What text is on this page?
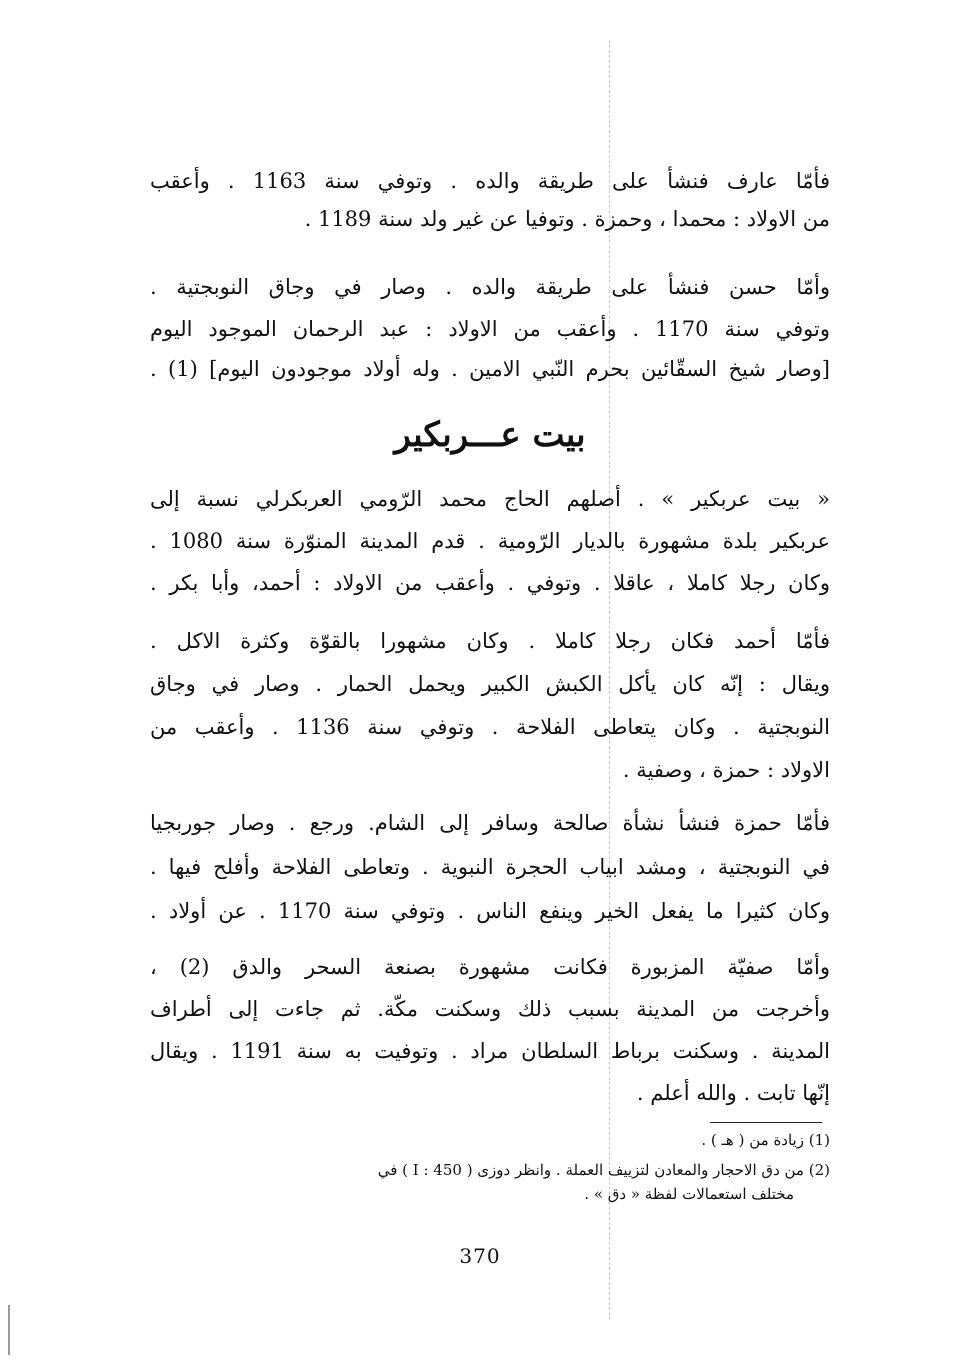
فأمّا عارف فنشأ على طريقة والده . وتوفي سنة 1163 . وأعقب
من الاولاد : محمدا ، وحمزة . وتوفيا عن غير ولد سنة 1189 .
وأمّا حسن فنشأ على طريقة والده . وصار في وجاق النوبجتية .
وتوفي سنة 1170 . وأعقب من الاولاد : عبد الرحمان الموجود اليوم
[وصار شيخ السقّائين بحرم النّبي الامين . وله أولاد موجودون اليوم] (1) .
بيت عـــربكير
« بيت عربكير » . أصلهم الحاج محمد الرّومي العربكرلي نسبة إلى
عربكير بلدة مشهورة بالديار الرّومية . قدم المدينة المنوّرة سنة 1080 .
وكان رجلا كاملا ، عاقلا . وتوفي . وأعقب من الاولاد : أحمد، وأبا بكر .
فأمّا أحمد فكان رجلا كاملا . وكان مشهورا بالقوّة وكثرة الاكل .
ويقال : إنّه كان يأكل الكبش الكبير ويحمل الحمار . وصار في وجاق
النوبجتية . وكان يتعاطى الفلاحة . وتوفي سنة 1136 . وأعقب من
الاولاد : حمزة ، وصفية .
فأمّا حمزة فنشأ نشأة صالحة وسافر إلى الشام. ورجع . وصار جوربجيا
في النوبجتية ، ومشد ابياب الحجرة النبوية . وتعاطى الفلاحة وأفلح فيها .
وكان كثيرا ما يفعل الخير وينفع الناس . وتوفي سنة 1170 . عن أولاد .
وأمّا صفيّة المزبورة فكانت مشهورة بصنعة السحر والدق (2) ،
وأخرجت من المدينة بسبب ذلك وسكنت مكّة. ثم جاءت إلى أطراف
المدينة . وسكنت برباط السلطان مراد . وتوفيت به سنة 1191 . ويقال
إنّها تابت . والله أعلم .
(1) زيادة من ( هـ ) .
(2) من دق الاحجار والمعادن لتزييف العملة . وانظر دوزى ( I : 450 ) في
مختلف استعمالات لفظة « دق » .
370
